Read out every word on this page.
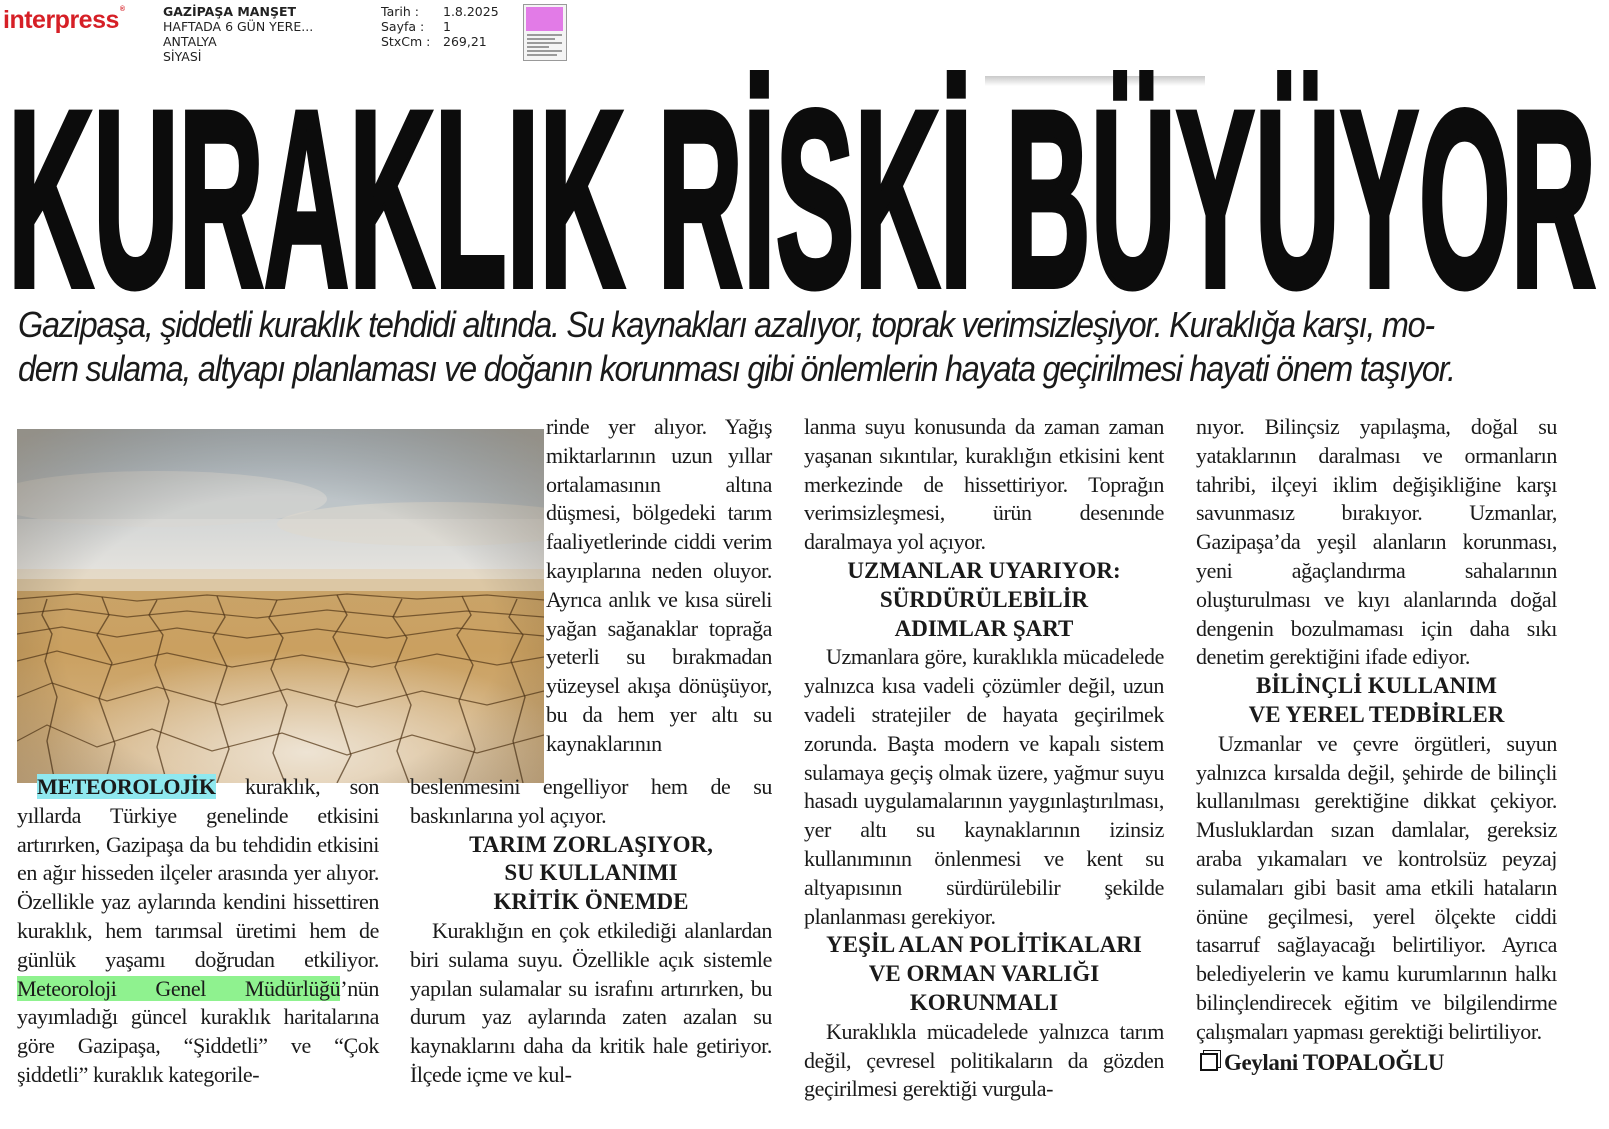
interpress®	GAZİPAŞA MANŞET
HAFTADA 6 GÜN YERE...
ANTALYA
SİYASİ
Tarih :	1.8.2025
Sayfa :	1
StxCm :	269,21
KURAKLIK RİSKİ BÜYÜYOR
Gazipaşa, şiddetli kuraklık tehdidi altında. Su kaynakları azalıyor, toprak verimsizleşiyor. Kuraklığa karşı, mo-
dern sulama, altyapı planlaması ve doğanın korunması gibi önlemlerin hayata geçirilmesi hayati önem taşıyor.

METEOROLOJİK kuraklık, son yıllarda Türkiye genelinde etkisini artırırken, Gazipaşa da bu tehdidin etkisini en ağır hisseden ilçeler arasında yer alıyor. Özellikle yaz aylarında kendini hissettiren kuraklık, hem tarımsal üretimi hem de günlük yaşamı doğrudan etkiliyor. Meteoroloji Genel Müdürlüğü’nün yayımladığı güncel kuraklık haritalarına göre Gazipaşa, “Şiddetli” ve “Çok şiddetli” kuraklık kategorile-

rinde yer alıyor. Yağış miktarlarının uzun yıllar ortalamasının altına düşmesi, bölgedeki tarım faaliyetlerinde ciddi verim kayıplarına neden oluyor. Ayrıca anlık ve kısa süreli yağan sağanaklar toprağa yeterli su bırakmadan yüzeysel akışa dönüşüyor, bu da hem yer altı su kaynaklarının

beslenmesini engelliyor hem de su baskınlarına yol açıyor.

TARIM ZORLAŞIYOR,
SU KULLANIMI
KRİTİK ÖNEMDE

Kuraklığın en çok etkilediği alanlardan biri sulama suyu. Özellikle açık sistemle yapılan sulamalar su israfını artırırken, bu durum yaz aylarında zaten azalan su kaynaklarını daha da kritik hale getiriyor. İlçede içme ve kul-

lanma suyu konusunda da zaman zaman yaşanan sıkıntılar, kuraklığın etkisini kent merkezinde de hissettiriyor. Toprağın verimsizleşmesi, ürün desenınde daralmaya yol açıyor.

UZMANLAR UYARIYOR:
SÜRDÜRÜLEBİLİR
ADIMLAR ŞART

Uzmanlara göre, kuraklıkla mücadelede yalnızca kısa vadeli çözümler değil, uzun vadeli stratejiler de hayata geçirilmek zorunda. Başta modern ve kapalı sistem sulamaya geçiş olmak üzere, yağmur suyu hasadı uygulamalarının yaygınlaştırılması, yer altı su kaynaklarının izinsiz kullanımının önlenmesi ve kent su altyapısının sürdürülebilir şekilde planlanması gerekiyor.

YEŞİL ALAN POLİTİKALARI
VE ORMAN VARLIĞI
KORUNMALI

Kuraklıkla mücadelede yalnızca tarım değil, çevresel politikaların da gözden geçirilmesi gerektiği vurgula-

nıyor. Bilinçsiz yapılaşma, doğal su yataklarının daralması ve ormanların tahribi, ilçeyi iklim değişikliğine karşı savunmasız bırakıyor. Uzmanlar, Gazipaşa’da yeşil alanların korunması, yeni ağaçlandırma sahalarının oluşturulması ve kıyı alanlarında doğal dengenin bozulmaması için daha sıkı denetim gerektiğini ifade ediyor.

BİLİNÇLİ KULLANIM
VE YEREL TEDBİRLER

Uzmanlar ve çevre örgütleri, suyun yalnızca kırsalda değil, şehirde de bilinçli kullanılması gerektiğine dikkat çekiyor. Musluklardan sızan damlalar, gereksiz araba yıkamaları ve kontrolsüz peyzaj sulamaları gibi basit ama etkili hataların önüne geçilmesi, yerel ölçekte ciddi tasarruf sağlayacağı belirtiliyor. Ayrıca belediyelerin ve kamu kurumlarının halkı bilinçlendirecek eğitim ve bilgilendirme çalışmaları yapması gerektiği belirtiliyor.

Geylani TOPALOĞLU
